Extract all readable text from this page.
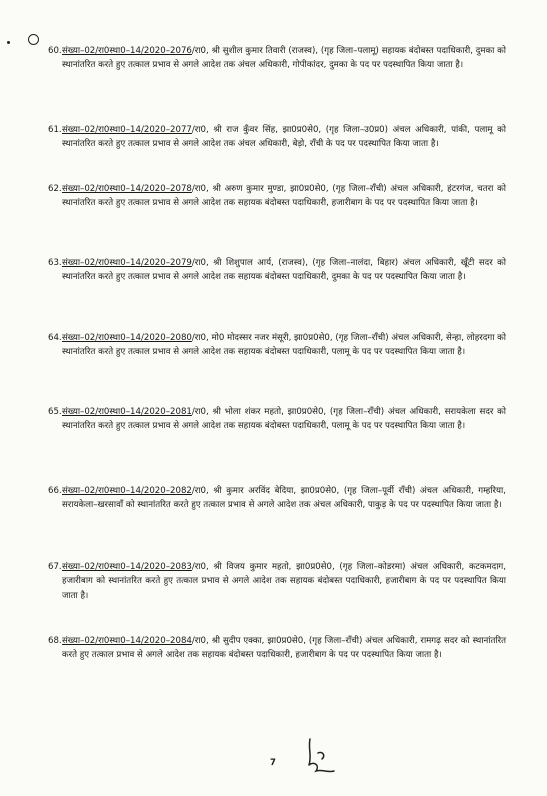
60. संख्या–02/रा0स्था0–14/2020–2076/रा0, श्री सुशील कुमार तिवारी (राजस्व), (गृह जिला–पलामू) सहायक बंदोबस्त पदाधिकारी, दुमका को स्थानांतरित करते हुए तत्काल प्रभाव से अगले आदेश तक अंचल अधिकारी, गोपीकांदर, दुमका के पद पर पदस्थापित किया जाता है।
61. संख्या–02/रा0स्था0–14/2020–2077/रा0, श्री राज कुँवर सिंह, झा0प्र0से0, (गृह जिला–उ0प्र0) अंचल अधिकारी, पांकी, पलामू को स्थानांतरित करते हुए तत्काल प्रभाव से अगले आदेश तक अंचल अधिकारी, बेड़ो, राँची के पद पर पदस्थापित किया जाता है।
62. संख्या–02/रा0स्था0–14/2020–2078/रा0, श्री अरुण कुमार मुण्डा, झा0प्र0से0, (गृह जिला–राँची) अंचल अधिकारी, हंटरगंज, चतरा को स्थानांतरित करते हुए तत्काल प्रभाव से अगले आदेश तक सहायक बंदोबस्त पदाधिकारी, हजारीबाग के पद पर पदस्थापित किया जाता है।
63. संख्या–02/रा0स्था0–14/2020–2079/रा0, श्री शिशुपाल आर्य, (राजस्व), (गृह जिला–नालंदा, बिहार) अंचल अधिकारी, खूँटी सदर को स्थानांतरित करते हुए तत्काल प्रभाव से अगले आदेश तक सहायक बंदोबस्त पदाधिकारी, दुमका के पद पर पदस्थापित किया जाता है।
64. संख्या–02/रा0स्था0–14/2020–2080/रा0, मो0 मोदस्सर नजर मंसूरी, झा0प्र0से0, (गृह जिला–राँची) अंचल अधिकारी, सेन्हा, लोहरदगा को स्थानांतरित करते हुए तत्काल प्रभाव से अगले आदेश तक सहायक बंदोबस्त पदाधिकारी, पलामू के पद पर पदस्थापित किया जाता है।
65. संख्या–02/रा0स्था0–14/2020–2081/रा0, श्री भोला शंकर महतो, झा0प्र0से0, (गृह जिला–राँची) अंचल अधिकारी, सरायकेला सदर को स्थानांतरित करते हुए तत्काल प्रभाव से अगले आदेश तक सहायक बंदोबस्त पदाधिकारी, पलामू के पद पर पदस्थापित किया जाता है।
66. संख्या–02/रा0स्था0–14/2020–2082/रा0, श्री कुमार अरविंद बेदिया, झा0प्र0से0, (गृह जिला–पूर्वी राँची) अंचल अधिकारी, गम्हरिया, सरायकेला–खरसावाँ को स्थानांतरित करते हुए तत्काल प्रभाव से अगले आदेश तक अंचल अधिकारी, पाकुड़ के पद पर पदस्थापित किया जाता है।
67. संख्या–02/रा0स्था0–14/2020–2083/रा0, श्री विजय कुमार महतो, झा0प्र0से0, (गृह जिला–कोडरमा) अंचल अधिकारी, कटकमदाग, हजारीबाग को स्थानांतरित करते हुए तत्काल प्रभाव से अगले आदेश तक सहायक बंदोबस्त पदाधिकारी, हजारीबाग के पद पर पदस्थापित किया जाता है।
68. संख्या–02/रा0स्था0–14/2020–2084/रा0, श्री सुदीप एक्का, झा0प्र0से0, (गृह जिला–राँची) अंचल अधिकारी, रामगढ़ सदर को स्थानांतरित करते हुए तत्काल प्रभाव से अगले आदेश तक सहायक बंदोबस्त पदाधिकारी, हजारीबाग के पद पर पदस्थापित किया जाता है।
7
